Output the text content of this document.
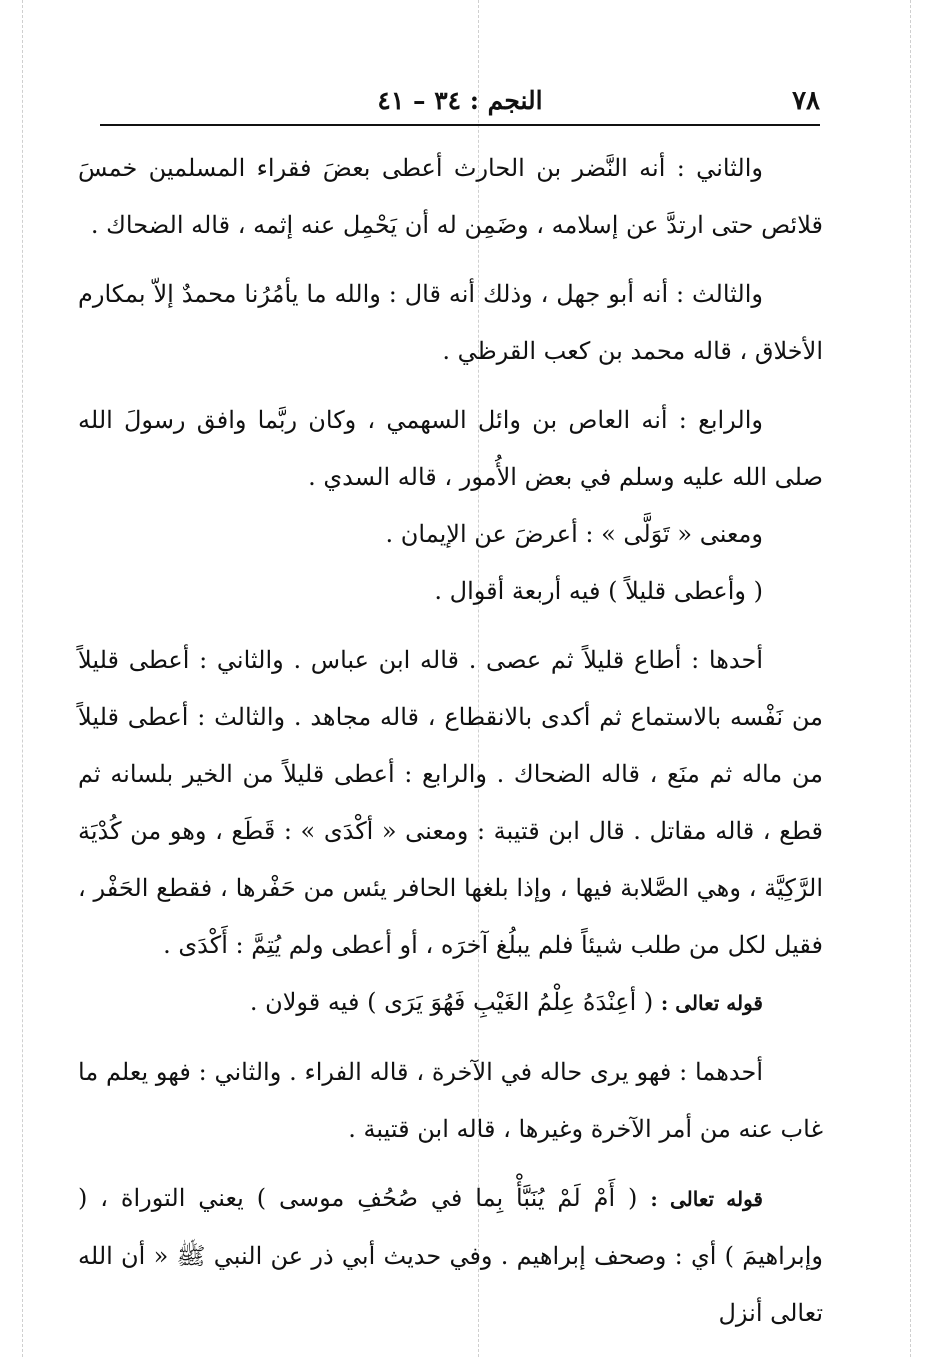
٧٨
النجم : ٣٤ – ٤١

والثاني : أنه النَّضر بن الحارث أعطى بعضَ فقراء المسلمين خمسَ قلائص حتى ارتدَّ عن إسلامه ، وضَمِن له أن يَحْمِل عنه إثمه ، قاله الضحاك .

والثالث : أنه أبو جهل ، وذلك أنه قال : والله ما يأمُرُنا محمدٌ إلاّ بمكارم الأخلاق ، قاله محمد بن كعب القرظي .

والرابع : أنه العاص بن وائل السهمي ، وكان ربَّما وافق رسولَ الله صلى الله عليه وسلم في بعض الأُمور ، قاله السدي .

ومعنى « تَوَلَّى » : أعرضَ عن الإيمان .

( وأعطى قليلاً ) فيه أربعة أقوال .

أحدها : أطاع قليلاً ثم عصى . قاله ابن عباس . والثاني : أعطى قليلاً من نَفْسه بالاستماع ثم أكدى بالانقطاع ، قاله مجاهد . والثالث : أعطى قليلاً من ماله ثم منَع ، قاله الضحاك . والرابع : أعطى قليلاً من الخير بلسانه ثم قطع ، قاله مقاتل . قال ابن قتيبة : ومعنى « أكْدَى » : قَطَع ، وهو من كُدْيَة الرَّكِيَّة ، وهي الصَّلابة فيها ، وإذا بلغها الحافر يئس من حَفْرها ، فقطع الحَفْر ، فقيل لكل من طلب شيئاً فلم يبلُغ آخرَه ، أو أعطى ولم يُتِمَّ : أَكْدَى .

قوله تعالى : ( أعِنْدَهُ عِلْمُ الغَيْبِ فَهُوَ يَرَى ) فيه قولان .

أحدهما : فهو يرى حاله في الآخرة ، قاله الفراء . والثاني : فهو يعلم ما غاب عنه من أمر الآخرة وغيرها ، قاله ابن قتيبة .

قوله تعالى : ( أَمْ لَمْ يُنَبَّأْ بِما في صُحُفِ موسى ) يعني التوراة ، ( وإبراهيمَ ) أي : وصحف إبراهيم . وفي حديث أبي ذر عن النبي ﷺ « أن الله تعالى أنزل
